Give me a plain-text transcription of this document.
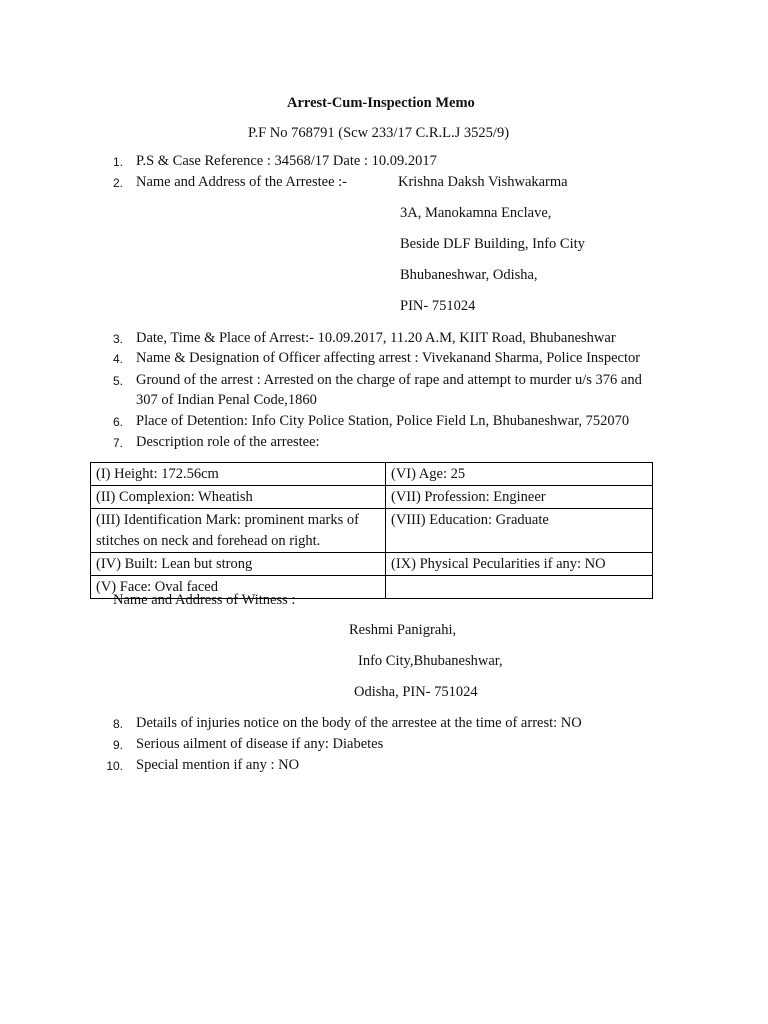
Arrest-Cum-Inspection Memo
P.F No 768791 (Scw 233/17 C.R.L.J 3525/9)
1. P.S & Case Reference : 34568/17 Date : 10.09.2017
2. Name and Address of the Arrestee :-	Krishna Daksh Vishwakarma
3A, Manokamna Enclave,
Beside DLF Building, Info City
Bhubaneshwar, Odisha,
PIN- 751024
3. Date, Time & Place of Arrest:- 10.09.2017, 11.20 A.M, KIIT Road, Bhubaneshwar
4. Name & Designation of Officer affecting arrest : Vivekanand Sharma, Police Inspector
5. Ground of the arrest : Arrested on the charge of rape and attempt to murder u/s 376 and
307 of Indian Penal Code,1860
6. Place of Detention: Info City Police Station, Police Field Ln, Bhubaneshwar, 752070
7. Description role of the arrestee:
(I) Height: 172.56cm	(VI) Age: 25
(II) Complexion: Wheatish	(VII) Profession: Engineer
(III) Identification Mark: prominent marks of stitches on neck and forehead on right.	(VIII) Education: Graduate
(IV) Built: Lean but strong	(IX) Physical Pecularities if any: NO
(V) Face: Oval faced	
Name and Address of Witness :
Reshmi Panigrahi,
Info City,Bhubaneshwar,
Odisha, PIN- 751024
8. Details of injuries notice on the body of the arrestee at the time of arrest: NO
9. Serious ailment of disease if any: Diabetes
10. Special mention if any : NO
